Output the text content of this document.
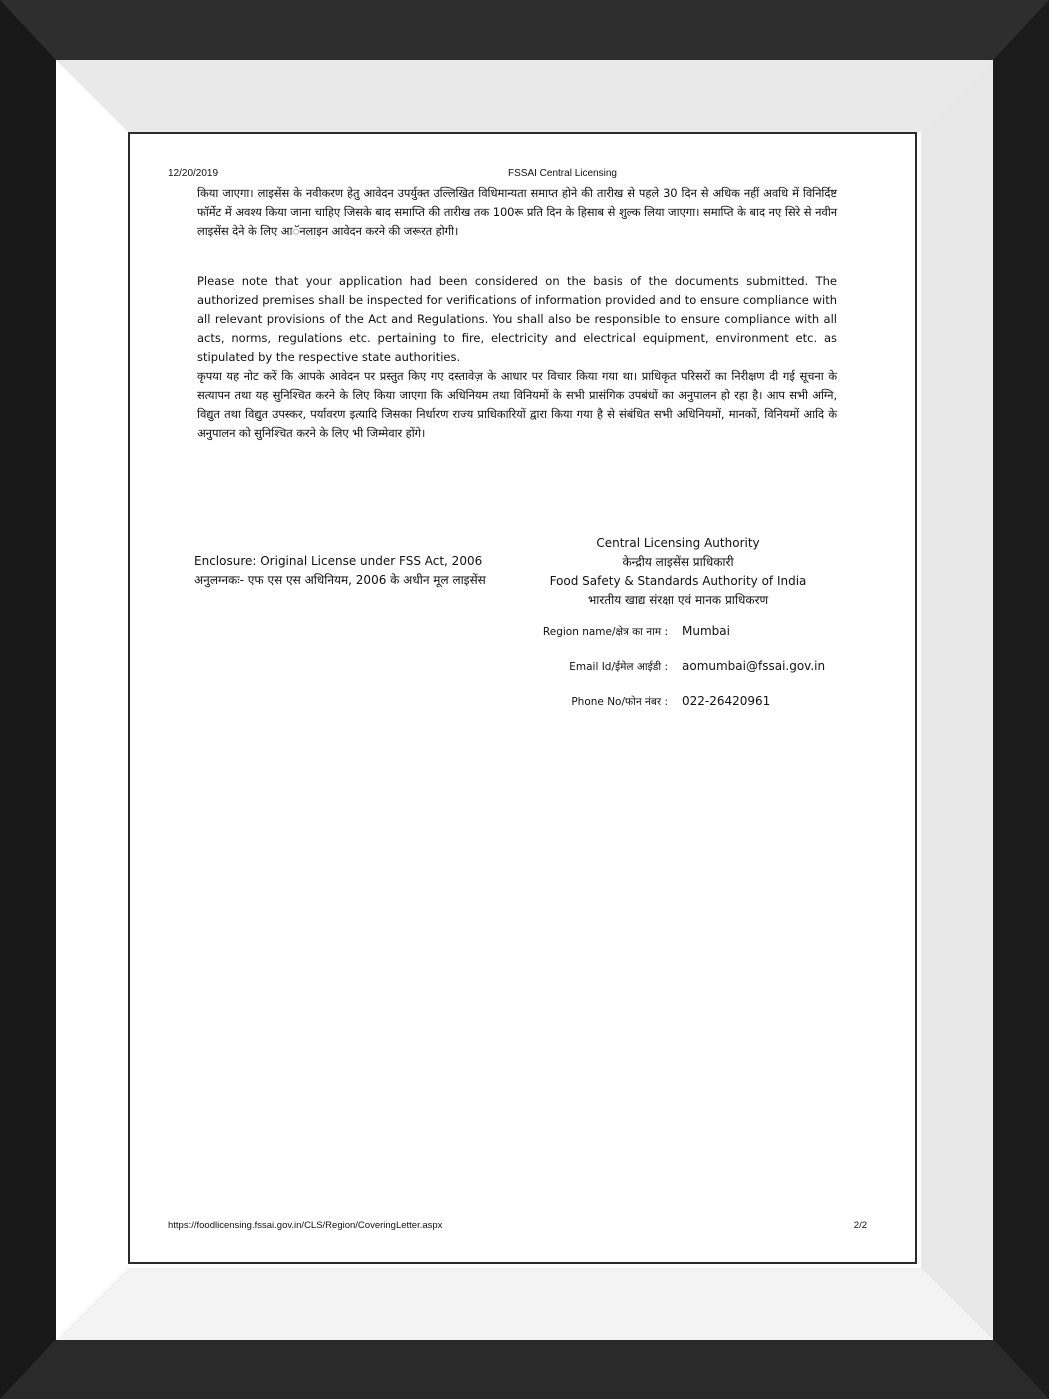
12/20/2019	FSSAI Central Licensing

किया जाएगा। लाइसेंस के नवीकरण हेतु आवेदन उपर्युक्त उल्लिखित विधिमान्यता समाप्त होने की तारीख से पहले 30 दिन से अधिक नहीं अवधि में विनिर्दिष्ट फॉर्मेट में अवश्य किया जाना चाहिए जिसके बाद समाप्ति की तारीख तक 100रू प्रति दिन के हिसाब से शुल्क लिया जाएगा। समाप्ति के बाद नए सिरे से नवीन लाइसेंस देने के लिए आॅनलाइन आवेदन करने की जरूरत होगी।

Please note that your application had been considered on the basis of the documents submitted. The authorized premises shall be inspected for verifications of information provided and to ensure compliance with all relevant provisions of the Act and Regulations. You shall also be responsible to ensure compliance with all acts, norms, regulations etc. pertaining to fire, electricity and electrical equipment, environment etc. as stipulated by the respective state authorities.

कृपया यह नोट करें कि आपके आवेदन पर प्रस्तुत किए गए दस्तावेज़ के आधार पर विचार किया गया था। प्राधिकृत परिसरों का निरीक्षण दी गई सूचना के सत्यापन तथा यह सुनिश्चित करने के लिए किया जाएगा कि अधिनियम तथा विनियमों के सभी प्रासंगिक उपबंधों का अनुपालन हो रहा है। आप सभी अग्नि, विद्युत तथा विद्युत उपस्कर, पर्यावरण इत्यादि जिसका निर्धारण राज्य प्राधिकारियों द्वारा किया गया है से संबंधित सभी अधिनियमों, मानकों, विनियमों आदि के अनुपालन को सुनिश्चित करने के लिए भी जिम्मेवार होंगे।

Enclosure: Original License under FSS Act, 2006
अनुलग्नकः- एफ एस एस अधिनियम, 2006 के अधीन मूल लाइसेंस
Central Licensing Authority
केन्द्रीय लाइसेंस प्राधिकारी
Food Safety & Standards Authority of India
भारतीय खाद्य संरक्षा एवं मानक प्राधिकरण
Region name/क्षेत्र का नाम : Mumbai
Email Id/ईमेल आईडी : aomumbai@fssai.gov.in
Phone No/फोन नंबर : 022-26420961
https://foodlicensing.fssai.gov.in/CLS/Region/CoveringLetter.aspx	2/2
